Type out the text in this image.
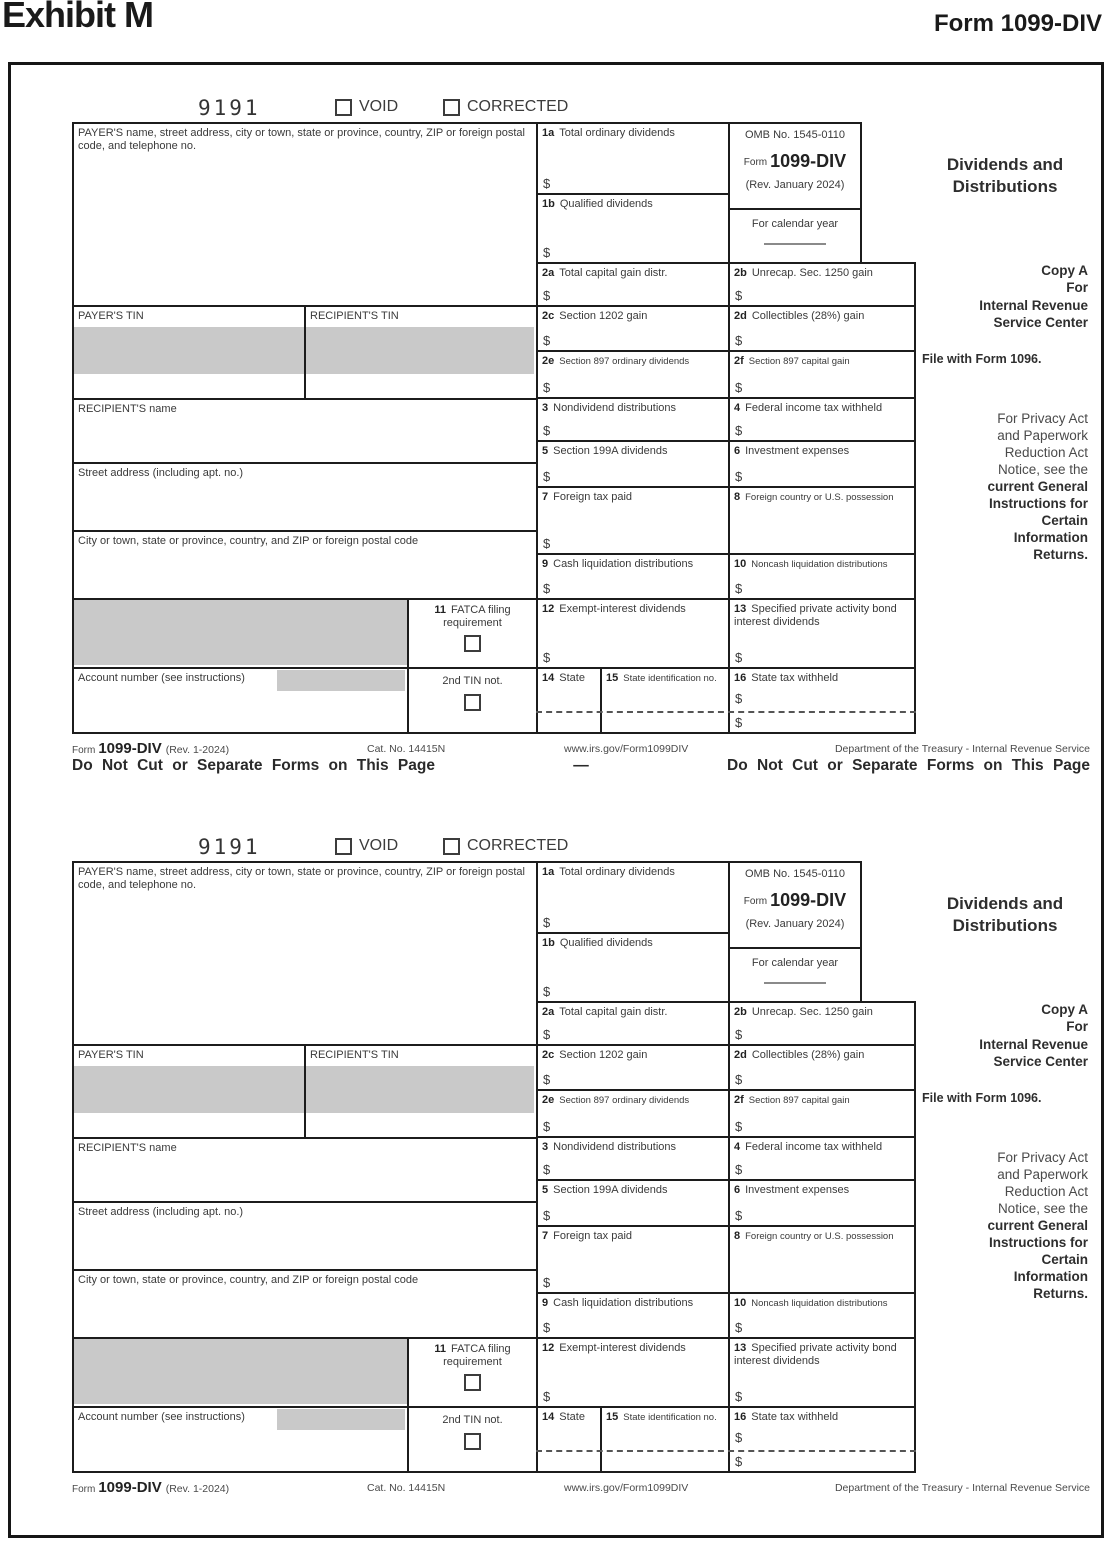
Exhibit M	Form 1099-DIV
9191	VOID	CORRECTED
PAYER'S name, street address, city or town, state or province, country, ZIP or foreign postal code, and telephone no.
PAYER'S TIN	RECIPIENT'S TIN
RECIPIENT'S name
Street address (including apt. no.)
City or town, state or province, country, and ZIP or foreign postal code
11 FATCA filing requirement

Account number (see instructions)	2nd TIN not.

1a Total ordinary dividends
$
OMB No. 1545-0110
Form 1099-DIV
(Rev. January 2024)
1b Qualified dividends
$
For calendar year
2a Total capital gain distr.
$
2b Unrecap. Sec. 1250 gain
$
2c Section 1202 gain
$
2d Collectibles (28%) gain
$
2e Section 897 ordinary dividends
$
2f Section 897 capital gain
$
3 Nondividend distributions
$
4 Federal income tax withheld
$
5 Section 199A dividends
$
6 Investment expenses
$
7 Foreign tax paid
$
8 Foreign country or U.S. possession
9 Cash liquidation distributions
$
10 Noncash liquidation distributions
$
12 Exempt-interest dividends
$
13 Specified private activity bond interest dividends
$
14 State	15 State identification no.	16 State tax withheld
$
$
Dividends and
Distributions
Copy A
For
Internal Revenue
Service Center
File with Form 1096.
For Privacy Act
and Paperwork
Reduction Act
Notice, see the
current General
Instructions for
Certain
Information
Returns.
Form 1099-DIV (Rev. 1-2024)	Cat. No. 14415N	www.irs.gov/Form1099DIV	Department of the Treasury - Internal Revenue Service
Do Not Cut or Separate Forms on This Page	—	Do Not Cut or Separate Forms on This Page
9191	VOID	CORRECTED
PAYER'S name, street address, city or town, state or province, country, ZIP or foreign postal code, and telephone no.
PAYER'S TIN	RECIPIENT'S TIN
RECIPIENT'S name
Street address (including apt. no.)
City or town, state or province, country, and ZIP or foreign postal code
11 FATCA filing requirement

Account number (see instructions)	2nd TIN not.

1a Total ordinary dividends
$
OMB No. 1545-0110
Form 1099-DIV
(Rev. January 2024)
1b Qualified dividends
$
For calendar year
2a Total capital gain distr.
$
2b Unrecap. Sec. 1250 gain
$
2c Section 1202 gain
$
2d Collectibles (28%) gain
$
2e Section 897 ordinary dividends
$
2f Section 897 capital gain
$
3 Nondividend distributions
$
4 Federal income tax withheld
$
5 Section 199A dividends
$
6 Investment expenses
$
7 Foreign tax paid
$
8 Foreign country or U.S. possession
9 Cash liquidation distributions
$
10 Noncash liquidation distributions
$
12 Exempt-interest dividends
$
13 Specified private activity bond interest dividends
$
14 State	15 State identification no.	16 State tax withheld
$
$
Dividends and
Distributions
Copy A
For
Internal Revenue
Service Center
File with Form 1096.
For Privacy Act
and Paperwork
Reduction Act
Notice, see the
current General
Instructions for
Certain
Information
Returns.
Form 1099-DIV (Rev. 1-2024)	Cat. No. 14415N	www.irs.gov/Form1099DIV	Department of the Treasury - Internal Revenue Service
